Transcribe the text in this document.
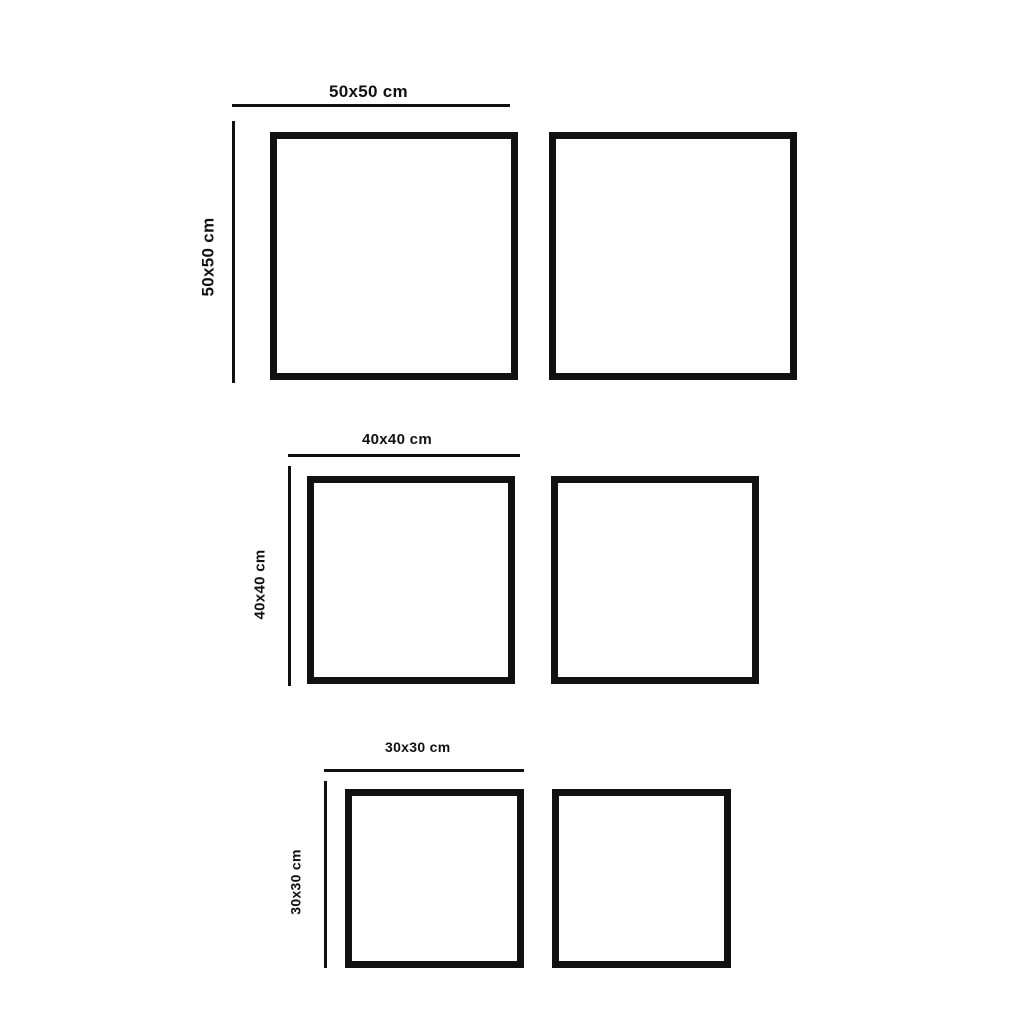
50x50 cm
50x50 cm
40x40 cm
40x40 cm
30x30 cm
30x30 cm
